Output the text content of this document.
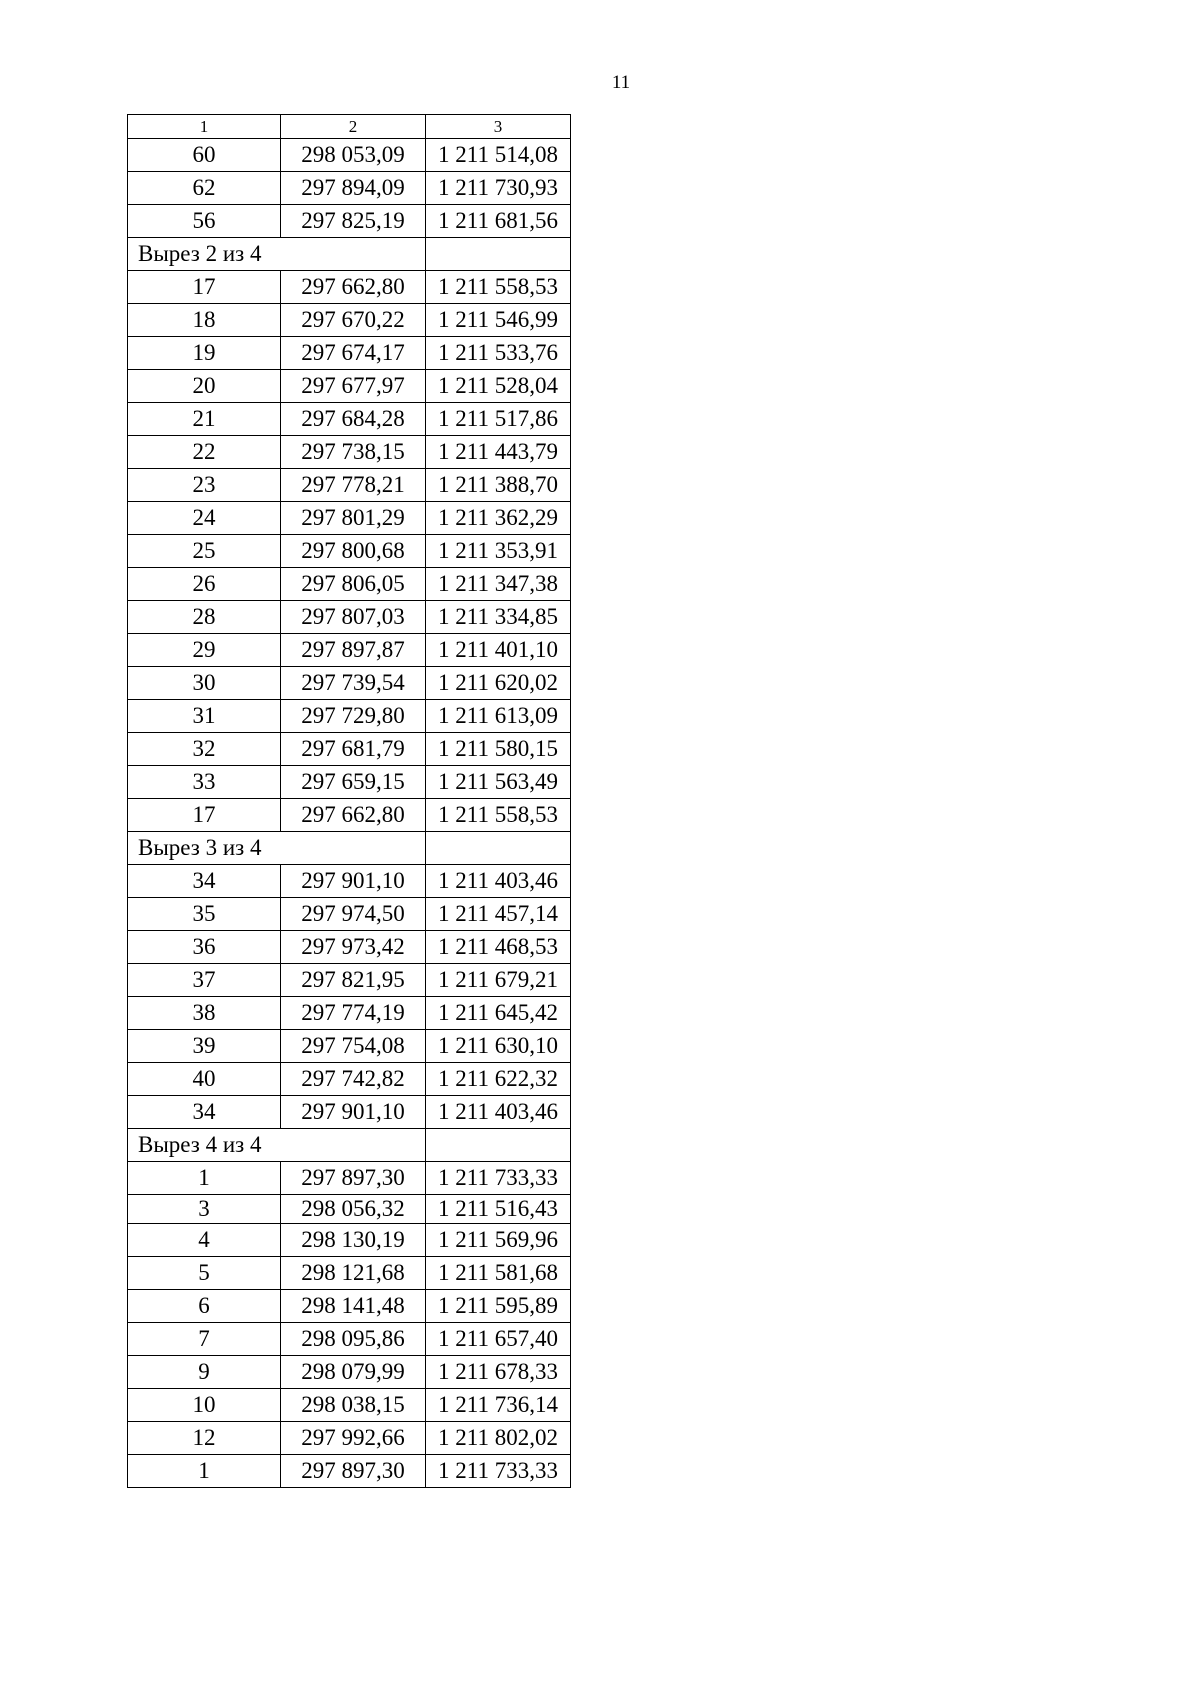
11
1	2	3
60	298 053,09	1 211 514,08
62	297 894,09	1 211 730,93
56	297 825,19	1 211 681,56
Вырез 2 из 4		
17	297 662,80	1 211 558,53
18	297 670,22	1 211 546,99
19	297 674,17	1 211 533,76
20	297 677,97	1 211 528,04
21	297 684,28	1 211 517,86
22	297 738,15	1 211 443,79
23	297 778,21	1 211 388,70
24	297 801,29	1 211 362,29
25	297 800,68	1 211 353,91
26	297 806,05	1 211 347,38
28	297 807,03	1 211 334,85
29	297 897,87	1 211 401,10
30	297 739,54	1 211 620,02
31	297 729,80	1 211 613,09
32	297 681,79	1 211 580,15
33	297 659,15	1 211 563,49
17	297 662,80	1 211 558,53
Вырез 3 из 4		
34	297 901,10	1 211 403,46
35	297 974,50	1 211 457,14
36	297 973,42	1 211 468,53
37	297 821,95	1 211 679,21
38	297 774,19	1 211 645,42
39	297 754,08	1 211 630,10
40	297 742,82	1 211 622,32
34	297 901,10	1 211 403,46
Вырез 4 из 4		
1	297 897,30	1 211 733,33
3	298 056,32	1 211 516,43
4	298 130,19	1 211 569,96
5	298 121,68	1 211 581,68
6	298 141,48	1 211 595,89
7	298 095,86	1 211 657,40
9	298 079,99	1 211 678,33
10	298 038,15	1 211 736,14
12	297 992,66	1 211 802,02
1	297 897,30	1 211 733,33
